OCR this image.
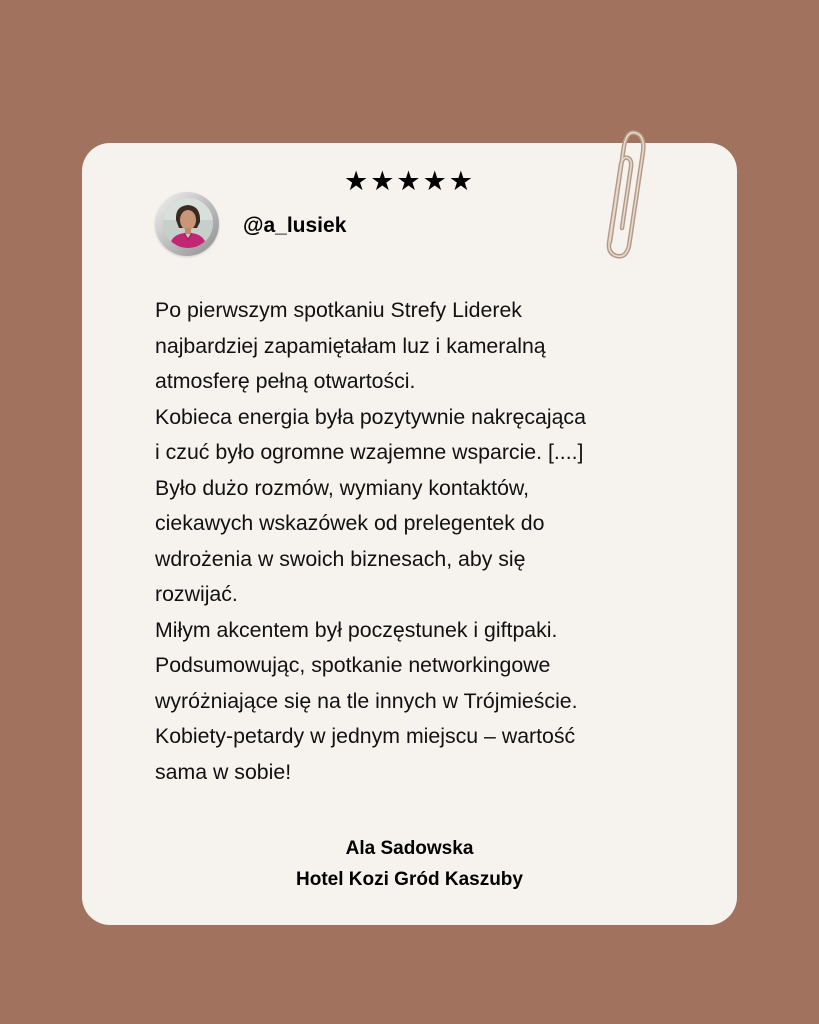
★★★★★
@a_lusiek

Po pierwszym spotkaniu Strefy Liderek
najbardziej zapamiętałam luz i kameralną
atmosferę pełną otwartości.
Kobieca energia była pozytywnie nakręcająca
i czuć było ogromne wzajemne wsparcie. [....]
Było dużo rozmów, wymiany kontaktów,
ciekawych wskazówek od prelegentek do
wdrożenia w swoich biznesach, aby się
rozwijać.
Miłym akcentem był poczęstunek i giftpaki.
Podsumowując, spotkanie networkingowe
wyróżniające się na tle innych w Trójmieście.
Kobiety-petardy w jednym miejscu – wartość
sama w sobie!

Ala Sadowska
Hotel Kozi Gród Kaszuby
